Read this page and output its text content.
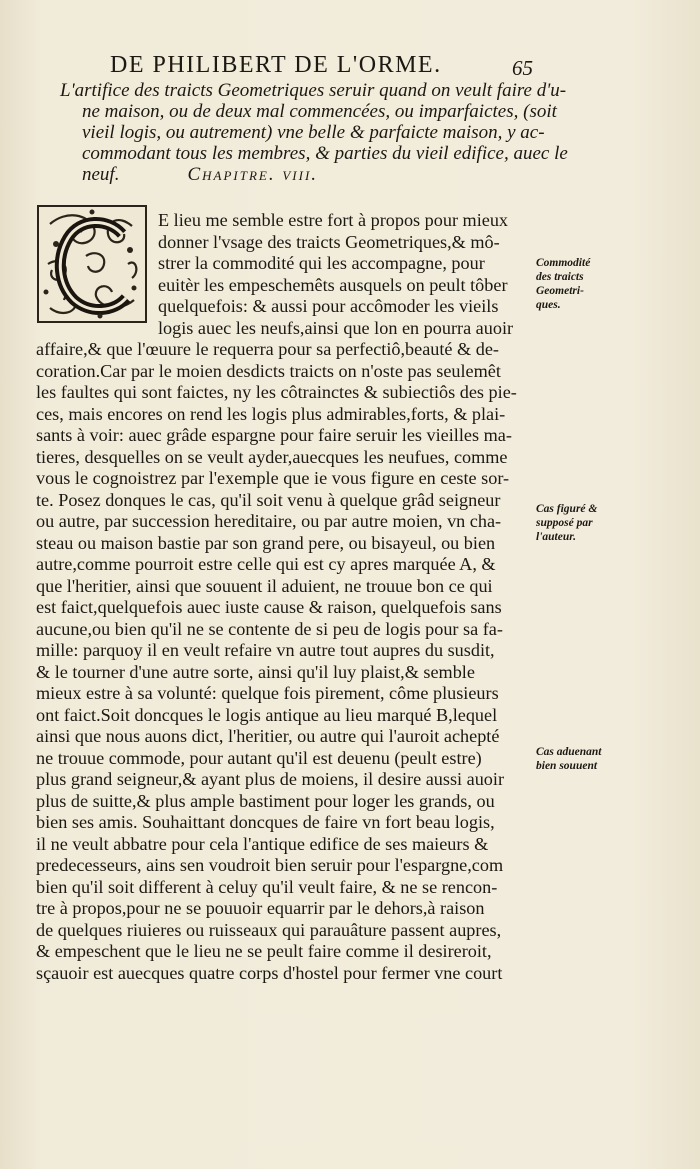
DE PHILIBERT DE L'ORME.	65
L'artifice des traicts Geometriques seruir quand on veult faire d'u-
ne maison, ou de deux mal commencées, ou imparfaictes, (soit
vieil logis, ou autrement) vne belle & parfaicte maison, y ac-
commodant tous les membres, & parties du vieil edifice, auec le
neuf.	Chapitre. viii.
E lieu me semble estre fort à propos pour mieux
donner l'vsage des traicts Geometriques,& mô-
strer la commodité qui les accompagne, pour
euitèr les empeschemêts ausquels on peult tôber
quelquefois: & aussi pour accômoder les vieils
logis auec les neufs,ainsi que lon en pourra auoir
affaire,& que l'œuure le requerra pour sa perfectiô,beauté & de-
coration.Car par le moien desdicts traicts on n'oste pas seulemêt
les faultes qui sont faictes, ny les côtrainctes & subiectiôs des pie-
ces, mais encores on rend les logis plus admirables,forts, & plai-
sants à voir: auec grâde espargne pour faire seruir les vieilles ma-
tieres, desquelles on se veult ayder,auecques les neufues, comme
vous le cognoistrez par l'exemple que ie vous figure en ceste sor-
te. Posez donques le cas, qu'il soit venu à quelque grâd seigneur
ou autre, par succession hereditaire, ou par autre moien, vn cha-
steau ou maison bastie par son grand pere, ou bisayeul, ou bien
autre,comme pourroit estre celle qui est cy apres marquée A, &
que l'heritier, ainsi que souuent il aduient, ne trouue bon ce qui
est faict,quelquefois auec iuste cause & raison, quelquefois sans
aucune,ou bien qu'il ne se contente de si peu de logis pour sa fa-
mille: parquoy il en veult refaire vn autre tout aupres du susdit,
& le tourner d'une autre sorte, ainsi qu'il luy plaist,& semble
mieux estre à sa volunté: quelque fois pirement, côme plusieurs
ont faict.Soit doncques le logis antique au lieu marqué B,lequel
ainsi que nous auons dict, l'heritier, ou autre qui l'auroit achepté
ne trouue commode, pour autant qu'il est deuenu (peult estre)
plus grand seigneur,& ayant plus de moiens, il desire aussi auoir
plus de suitte,& plus ample bastiment pour loger les grands, ou
bien ses amis. Souhaittant doncques de faire vn fort beau logis,
il ne veult abbatre pour cela l'antique edifice de ses maieurs &
predecesseurs, ains sen voudroit bien seruir pour l'espargne,com
bien qu'il soit different à celuy qu'il veult faire, & ne se rencon-
tre à propos,pour ne se pouuoir equarrir par le dehors,à raison
de quelques riuieres ou ruisseaux qui parauâture passent aupres,
& empeschent que le lieu ne se peult faire comme il desireroit,
sçauoir est auecques quatre corps d'hostel pour fermer vne court
Commodité
des traicts
Geometri-
ques.
Cas figuré &
supposé par
l'auteur.
Cas aduenant
bien souuent
